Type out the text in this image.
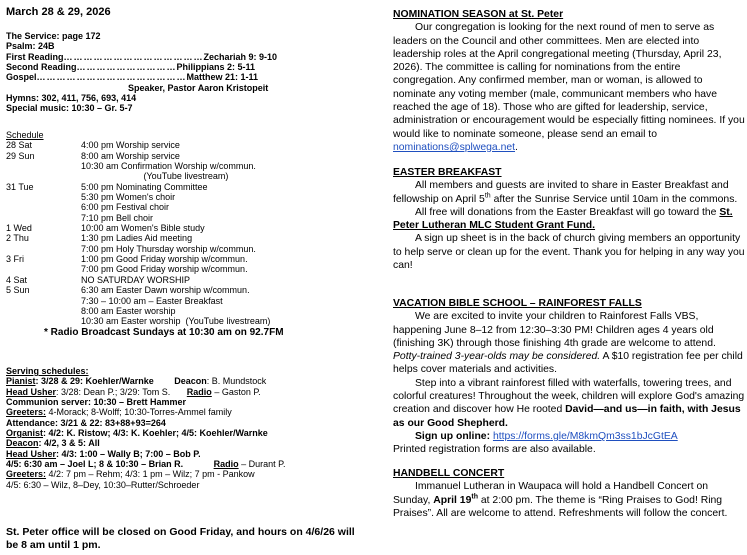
March 28 & 29, 2026
The Service: page 172
Psalm: 24B
First Reading …………………………………… Zechariah 9: 9-10
Second Reading ………………………… Philippians 2: 5-11
Gospel ……………………………………… Matthew 21: 1-11
Speaker, Pastor Aaron Kristopeit
Hymns: 302, 411, 756, 693, 414
Special music: 10:30 – Gr. 5-7
Schedule
28 Sat	4:00 pm Worship service
29 Sun	8:00 am Worship service
10:30 am Confirmation Worship w/commun.
(YouTube livestream)
31 Tue	5:00 pm Nominating Committee
5:30 pm Women's choir
6:00 pm Festival choir
7:10 pm Bell choir
1 Wed	10:00 am Women's Bible study
2 Thu	1:30 pm Ladies Aid meeting
7:00 pm Holy Thursday worship w/commun.
3 Fri	1:00 pm Good Friday worship w/commun.
7:00 pm Good Friday worship w/commun.
4 Sat	NO SATURDAY WORSHIP
5 Sun	6:30 am Easter Dawn worship w/commun.
7:30 – 10:00 am – Easter Breakfast
8:00 am Easter worship
10:30 am Easter worship  (YouTube livestream)
* Radio Broadcast Sundays at 10:30 am on 92.7FM
Serving schedules:
Pianist: 3/28 & 29: Koehler/Warnke Deacon: B. Mundstock
Head Usher: 3/28: Dean P.; 3/29: Tom S. Radio – Gaston P.
Communion server: 10:30 – Brett Hammer
Greeters: 4-Morack; 8-Wolff; 10:30-Torres-Ammel family
Attendance: 3/21 & 22: 83+88+93=264
Organist: 4/2: K. Ristow; 4/3: K. Koehler; 4/5: Koehler/Warnke
Deacon: 4/2, 3 & 5: All
Head Usher: 4/3: 1:00 – Wally B; 7:00 – Bob P.
4/5: 6:30 am – Joel L; 8 & 10:30 – Brian R.	Radio – Durant P.
Greeters: 4/2: 7 pm – Rehm; 4/3: 1 pm – Wilz; 7 pm - Pankow
4/5: 6:30 – Wilz, 8–Dey, 10:30–Rutter/Schroeder
St. Peter office will be closed on Good Friday, and hours on 4/6/26 will be 8 am until 1 pm.
NOMINATION SEASON at St. Peter
Our congregation is looking for the next round of men to serve as leaders on the Council and other committees. Men are elected into leadership roles at the April congregational meeting (Thursday, April 23, 2026). The committee is calling for nominations from the entire congregation. Any confirmed member, man or woman, is allowed to nominate any voting member (male, communicant members who have reached the age of 18). Those who are gifted for leadership, service, administration or encouragement would be especially fitting nominees. If you would like to nominate someone, please send an email to nominations@splwega.net.
EASTER BREAKFAST
All members and guests are invited to share in Easter Breakfast and fellowship on April 5th after the Sunrise Service until 10am in the commons.
All free will donations from the Easter Breakfast will go toward the St. Peter Lutheran MLC Student Grant Fund.
A sign up sheet is in the back of church giving members an opportunity to help serve or clean up for the event. Thank you for helping in any way you can!
VACATION BIBLE SCHOOL – RAINFOREST FALLS
We are excited to invite your children to Rainforest Falls VBS, happening June 8–12 from 12:30–3:30 PM! Children ages 4 years old (finishing 3K) through those finishing 4th grade are welcome to attend. Potty-trained 3-year-olds may be considered. A $10 registration fee per child helps cover materials and activities.
Step into a vibrant rainforest filled with waterfalls, towering trees, and colorful creatures! Throughout the week, children will explore God's amazing creation and discover how He rooted David—and us—in faith, with Jesus as our Good Shepherd.
Sign up online: https://forms.gle/M8kmQm3ss1bJcGtEA
Printed registration forms are also available.
HANDBELL CONCERT
Immanuel Lutheran in Waupaca will hold a Handbell Concert on Sunday, April 19th at 2:00 pm. The theme is “Ring Praises to God! Ring Praises”. All are welcome to attend. Refreshments will follow the concert.
